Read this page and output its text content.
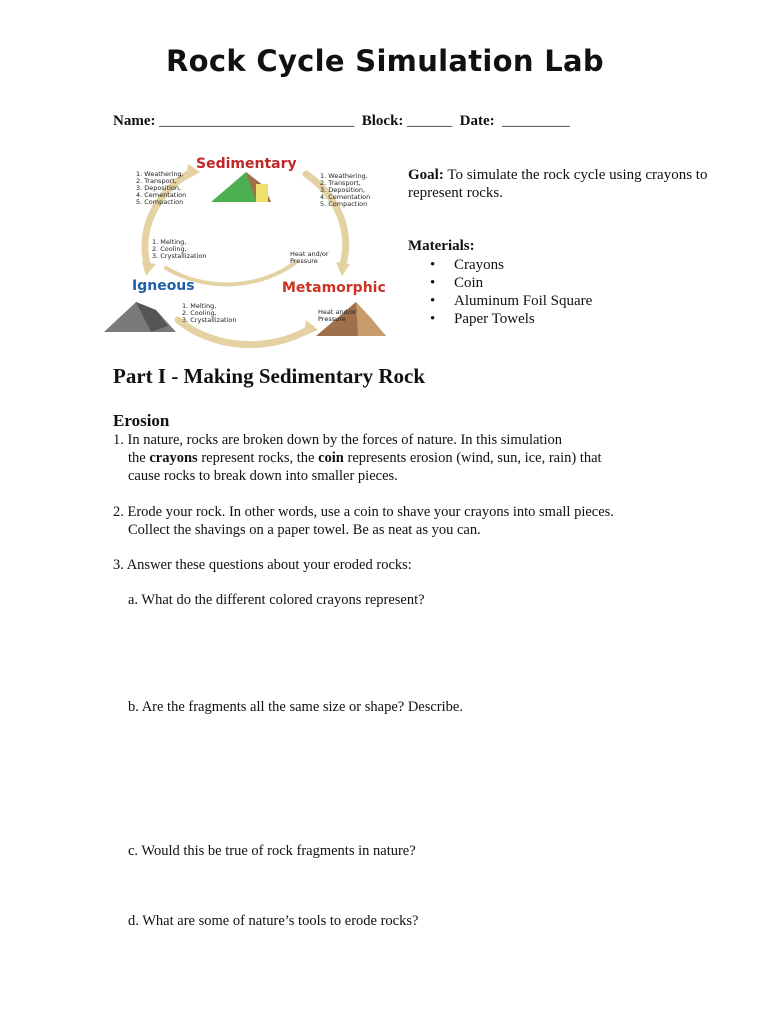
Rock Cycle Simulation Lab
Name: __________________________ Block: ______ Date: _________
Sedimentary
Igneous	Metamorphic
1. Weathering,
2. Transport,
3. Deposition,
4. Cementation
5. Compaction
1. Weathering,
2. Transport,
3. Deposition,
4. Cementation
5. Compaction
1. Melting,
2. Cooling,
3. Crystallization	Heat and/or
Pressure
1. Melting,
2. Cooling,
3. Crystallization
Heat and/or
Pressure
Goal: To simulate the rock cycle using crayons to represent rocks.
Materials:
• Crayons
• Coin
• Aluminum Foil Square
• Paper Towels
Part I - Making Sedimentary Rock
Erosion
1. In nature, rocks are broken down by the forces of nature. In this simulation
the crayons represent rocks, the coin represents erosion (wind, sun, ice, rain) that
cause rocks to break down into smaller pieces.
2. Erode your rock. In other words, use a coin to shave your crayons into small pieces.
Collect the shavings on a paper towel. Be as neat as you can.
3. Answer these questions about your eroded rocks:
a. What do the different colored crayons represent?
b. Are the fragments all the same size or shape? Describe.
c. Would this be true of rock fragments in nature?
d. What are some of nature’s tools to erode rocks?
